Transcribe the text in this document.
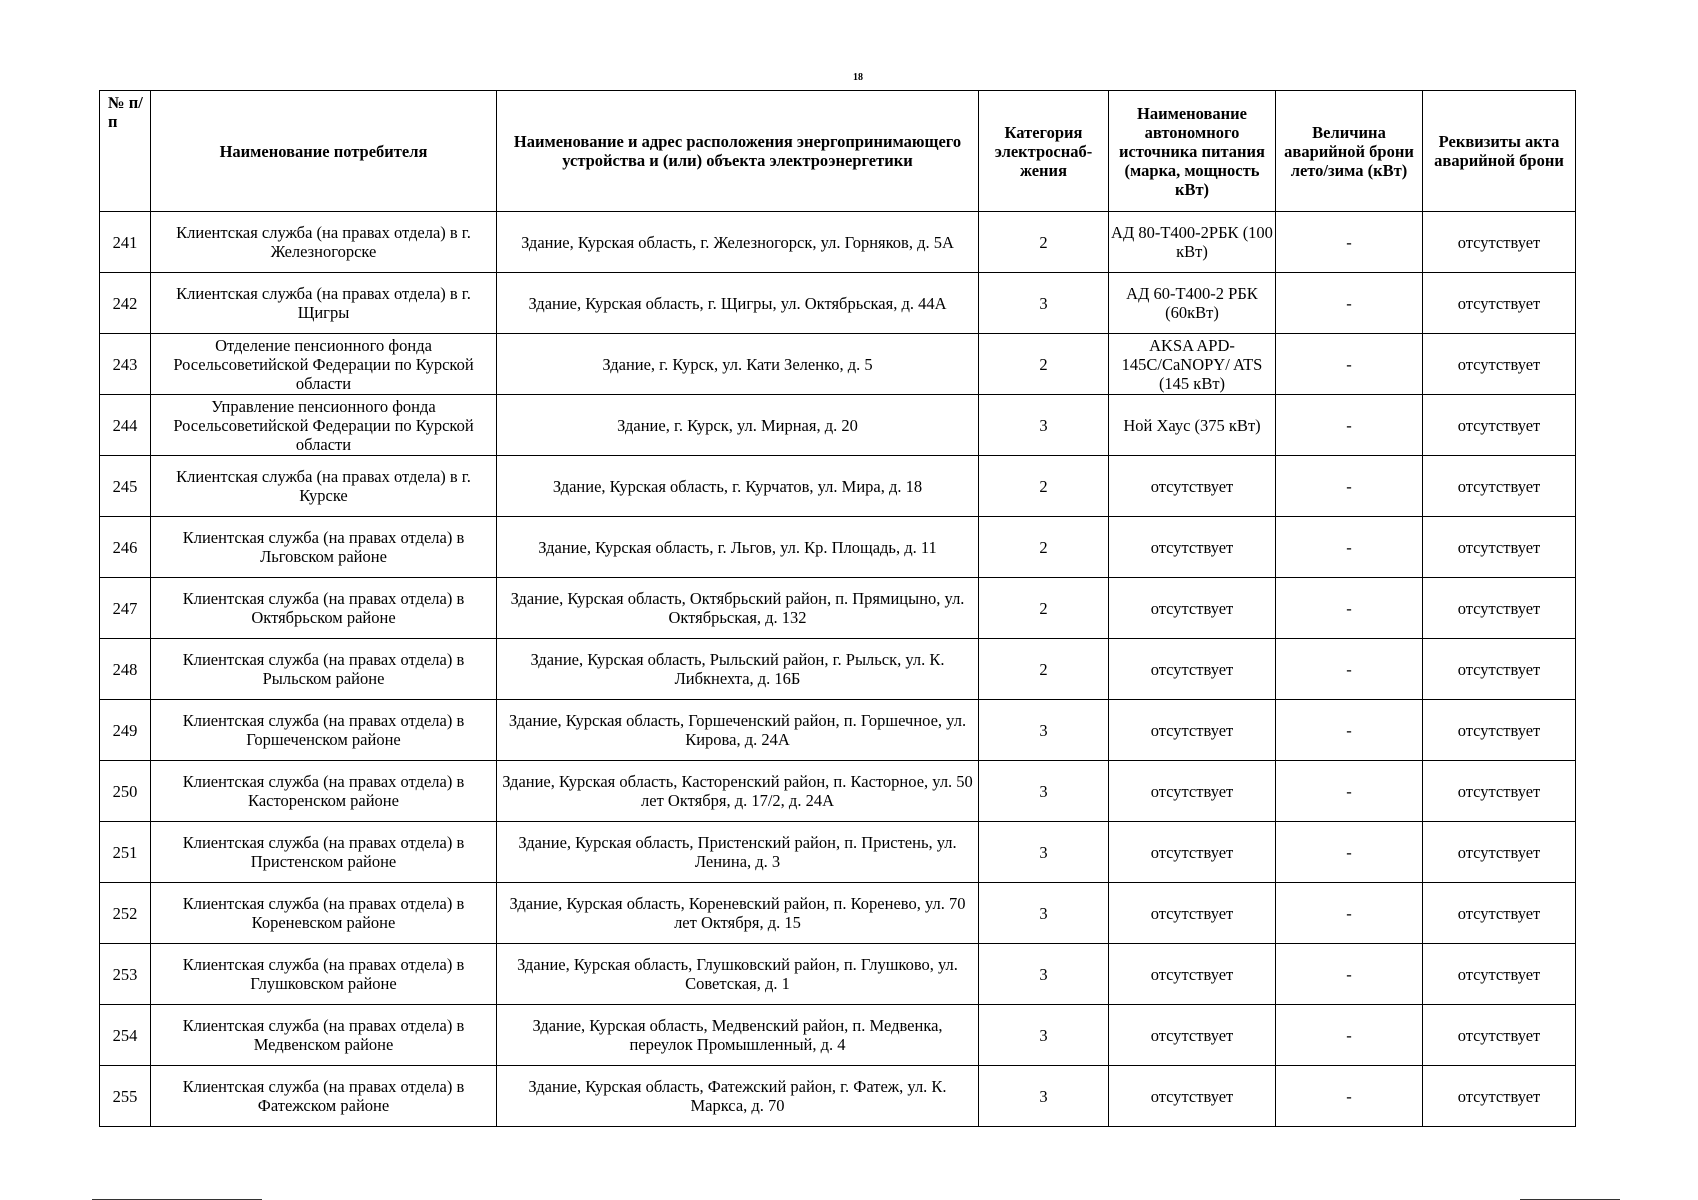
18
№ п/п	Наименование потребителя	Наименование и адрес расположения энергопринимающего устройства и (или) объекта электроэнергетики	Категория электроснаб-жения	Наименование автономного источника питания (марка, мощность кВт)	Величина аварийной брони лето/зима (кВт)	Реквизиты акта аварийной брони
241	Клиентская служба (на правах отдела) в г. Железногорске	Здание, Курская область, г. Железногорск, ул. Горняков, д. 5А	2	АД 80-Т400-2РБК (100 кВт)	-	отсутствует
242	Клиентская служба (на правах отдела) в г. Щигры	Здание, Курская область, г. Щигры, ул. Октябрьская, д. 44А	3	АД 60-Т400-2 РБК (60кВт)	-	отсутствует
243	Отделение пенсионного фонда Росельсоветийской Федерации по Курской области	Здание, г. Курск, ул. Кати Зеленко, д. 5	2	AKSA APD-145C/CaNOPY/ ATS (145 кВт)	-	отсутствует
244	Управление пенсионного фонда Росельсоветийской Федерации по Курской области	Здание, г. Курск, ул. Мирная, д. 20	3	Ной Хаус (375 кВт)	-	отсутствует
245	Клиентская служба (на правах отдела) в г. Курске	Здание, Курская область, г. Курчатов, ул. Мира, д. 18	2	отсутствует	-	отсутствует
246	Клиентская служба (на правах отдела) в Льговском районе	Здание, Курская область, г. Льгов, ул. Кр. Площадь, д. 11	2	отсутствует	-	отсутствует
247	Клиентская служба (на правах отдела) в Октябрьском районе	Здание, Курская область, Октябрьский район, п. Прямицыно, ул. Октябрьская, д. 132	2	отсутствует	-	отсутствует
248	Клиентская служба (на правах отдела) в Рыльском районе	Здание, Курская область, Рыльский район, г. Рыльск, ул. К. Либкнехта, д. 16Б	2	отсутствует	-	отсутствует
249	Клиентская служба (на правах отдела) в Горшеченском районе	Здание, Курская область, Горшеченский район, п. Горшечное, ул. Кирова, д. 24А	3	отсутствует	-	отсутствует
250	Клиентская служба (на правах отдела) в Касторенском районе	Здание, Курская область, Касторенский район, п. Касторное, ул. 50 лет Октября, д. 17/2, д. 24А	3	отсутствует	-	отсутствует
251	Клиентская служба (на правах отдела) в Пристенском районе	Здание, Курская область, Пристенский район, п. Пристень, ул. Ленина, д. 3	3	отсутствует	-	отсутствует
252	Клиентская служба (на правах отдела) в Кореневском районе	Здание, Курская область, Кореневский район, п. Коренево, ул. 70 лет Октября, д. 15	3	отсутствует	-	отсутствует
253	Клиентская служба (на правах отдела) в Глушковском районе	Здание, Курская область, Глушковский район, п. Глушково, ул. Советская, д. 1	3	отсутствует	-	отсутствует
254	Клиентская служба (на правах отдела) в Медвенском районе	Здание, Курская область, Медвенский район, п. Медвенка, переулок Промышленный, д. 4	3	отсутствует	-	отсутствует
255	Клиентская служба (на правах отдела) в Фатежском районе	Здание, Курская область, Фатежский район, г. Фатеж, ул. К. Маркса, д. 70	3	отсутствует	-	отсутствует
